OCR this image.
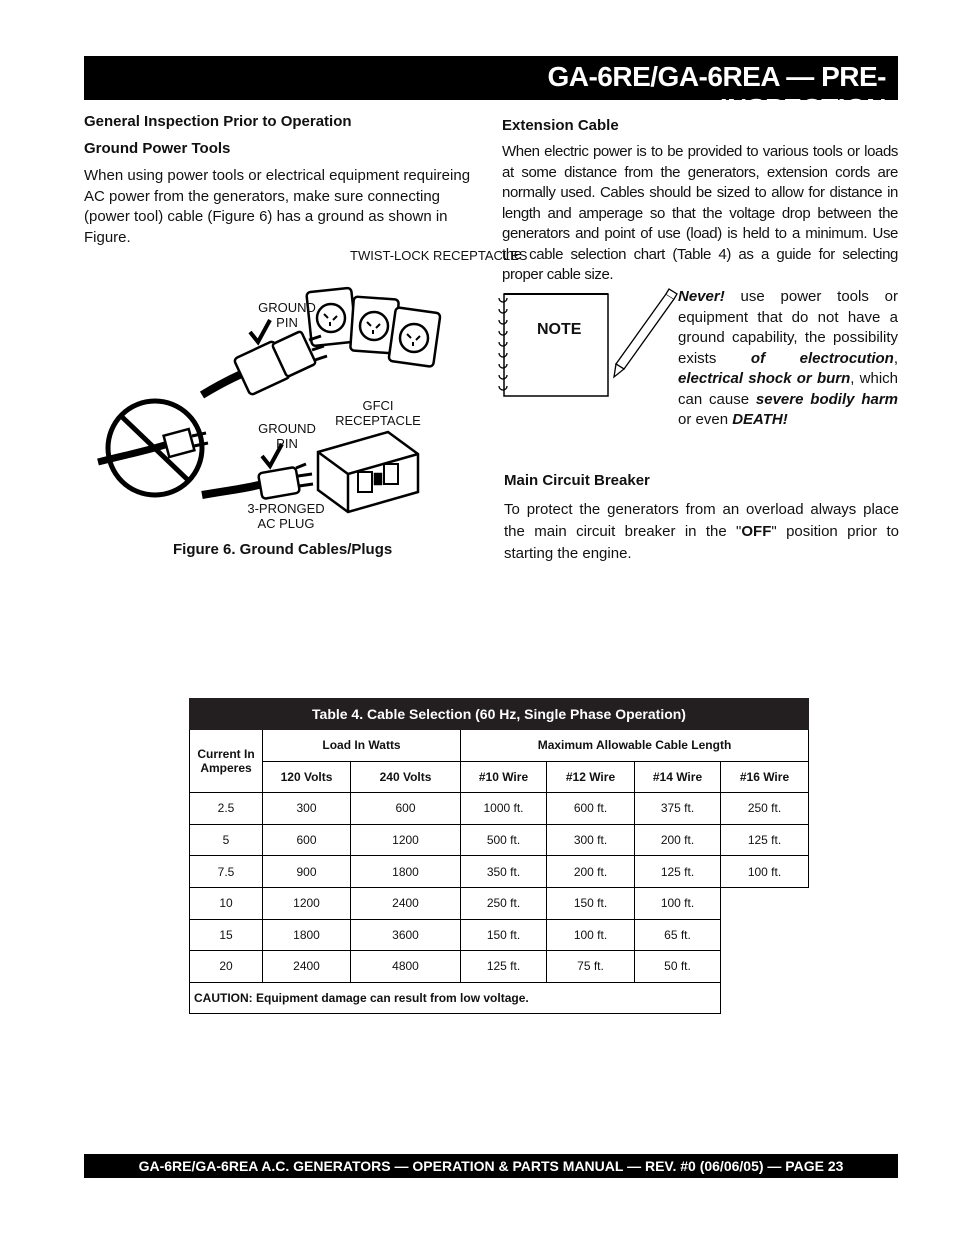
GA-6RE/GA-6REA — PRE-
INSPECTION
General Inspection Prior to Operation
Ground Power Tools
When using power tools or electrical equipment requireing AC power from the generators, make sure connecting (power tool) cable (Figure 6) has a ground as shown in Figure.
TWIST-LOCK RECEPTACLES
GROUND PIN
GFCI RECEPTACLE
GROUND PIN
3-PRONGED AC PLUG
Figure 6. Ground Cables/Plugs
Extension Cable
When electric power is to be provided to various tools or loads at some distance from the generators, extension cords are normally used. Cables should be sized to allow for distance in length and amperage so that the voltage drop between the generators and point of use (load) is held to a minimum. Use the cable selection chart (Table 4) as a guide for selecting proper cable size.
NOTE
Never! use power tools or equipment that do not have a ground capability, the possibility exists of electrocution, electrical shock or burn, which can cause severe bodily harm or even DEATH!
Main Circuit Breaker
To protect the generators from an overload always place the main circuit breaker in the "OFF" position prior to starting the engine.
Table 4. Cable Selection (60 Hz, Single Phase Operation)						
Current In Amperes	Load In Watts		Maximum Allowable Cable Length			
	120 Volts	240 Volts	#10 Wire	#12 Wire	#14 Wire	#16 Wire
2.5	300	600	1000 ft.	600 ft.	375 ft.	250 ft.
5	600	1200	500 ft.	300 ft.	200 ft.	125 ft.
7.5	900	1800	350 ft.	200 ft.	125 ft.	100 ft.
10	1200	2400	250 ft.	150 ft.	100 ft.	
15	1800	3600	150 ft.	100 ft.	65 ft.	
20	2400	4800	125 ft.	75 ft.	50 ft.	
CAUTION: Equipment damage can result from low voltage.						
GA-6RE/GA-6REA A.C. GENERATORS — OPERATION & PARTS MANUAL — REV. #0 (06/06/05) — PAGE 23
